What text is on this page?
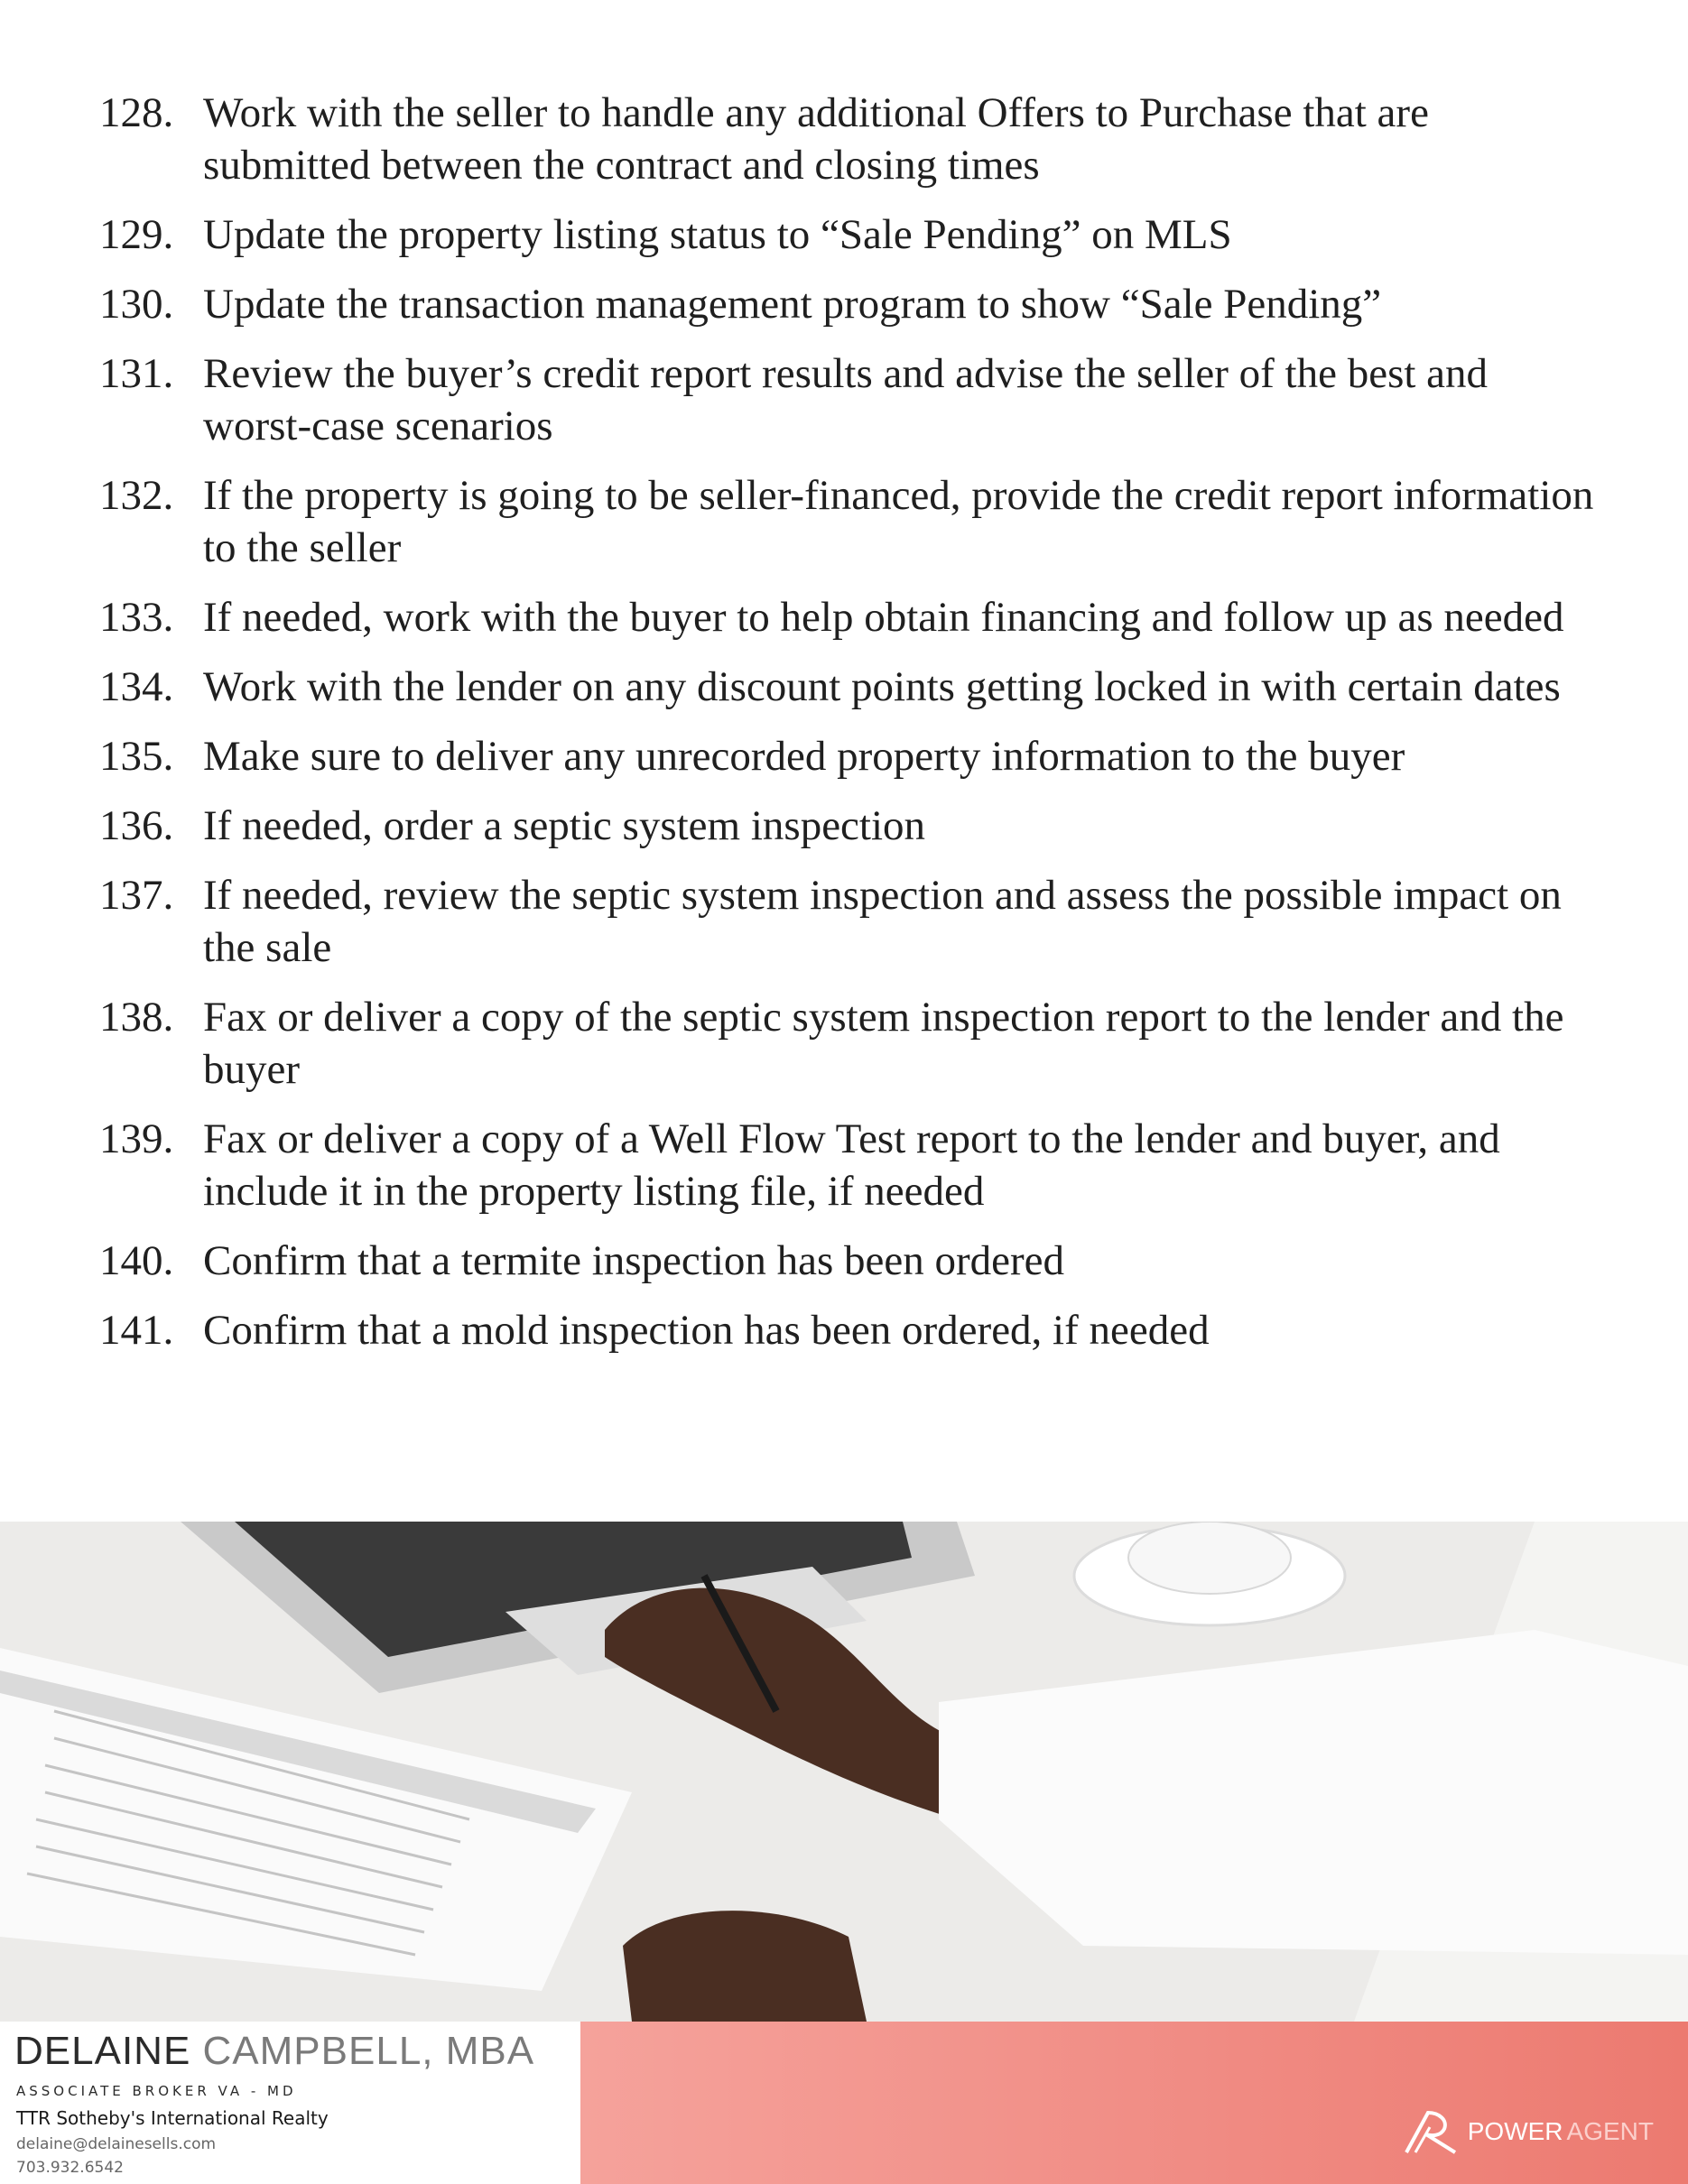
128. Work with the seller to handle any additional Offers to Purchase that are submitted between the contract and closing times
129. Update the property listing status to “Sale Pending” on MLS
130. Update the transaction management program to show “Sale Pending”
131. Review the buyer’s credit report results and advise the seller of the best and worst-case scenarios
132. If the property is going to be seller-financed, provide the credit report information to the seller
133. If needed, work with the buyer to help obtain financing and follow up as needed
134. Work with the lender on any discount points getting locked in with certain dates
135. Make sure to deliver any unrecorded property information to the buyer
136. If needed, order a septic system inspection
137. If needed, review the septic system inspection and assess the possible impact on the sale
138. Fax or deliver a copy of the septic system inspection report to the lender and the buyer
139. Fax or deliver a copy of a Well Flow Test report to the lender and buyer, and include it in the property listing file, if needed
140. Confirm that a termite inspection has been ordered
141. Confirm that a mold inspection has been ordered, if needed
DELAINE CAMPBELL, MBA
ASSOCIATE BROKER VA - MD
TTR Sotheby's International Realty
delaine@delainesells.com
703.932.6542
POWER AGENT
